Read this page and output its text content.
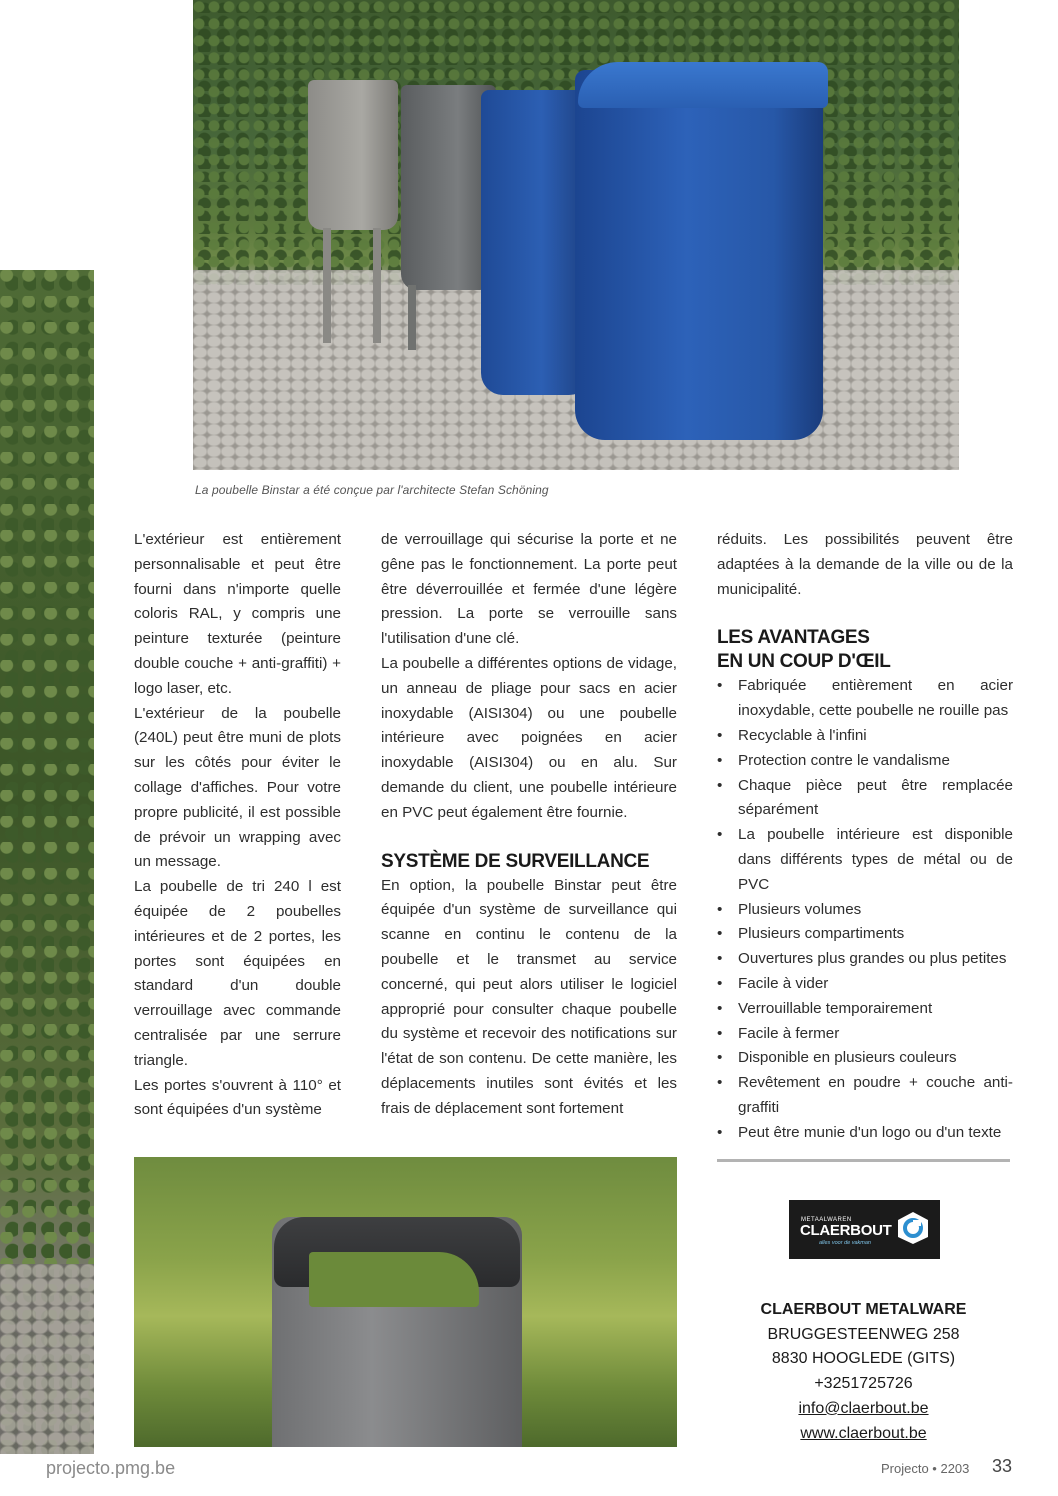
La poubelle Binstar a été conçue par l'architecte Stefan Schöning

L'extérieur est entièrement personnalisable et peut être fourni dans n'importe quelle coloris RAL, y compris une peinture texturée (peinture double couche + anti-graffiti) + logo laser, etc.

L'extérieur de la poubelle (240L) peut être muni de plots sur les côtés pour éviter le collage d'affiches. Pour votre propre publicité, il est possible de prévoir un wrapping avec un message.

La poubelle de tri 240 l est équipée de 2 poubelles intérieures et de 2 portes, les portes sont équipées en standard d'un double verrouillage avec commande centralisée par une serrure triangle.

Les portes s'ouvrent à 110° et sont équipées d'un système

de verrouillage qui sécurise la porte et ne gêne pas le fonctionnement. La porte peut être déverrouillée et fermée d'une légère pression. La porte se verrouille sans l'utilisation d'une clé.

La poubelle a différentes options de vidage, un anneau de pliage pour sacs en acier inoxydable (AISI304) ou une poubelle intérieure avec poignées en acier inoxydable (AISI304) ou en alu. Sur demande du client, une poubelle intérieure en PVC peut également être fournie.

SYSTÈME DE SURVEILLANCE

En option, la poubelle Binstar peut être équipée d'un système de surveillance qui scanne en continu le contenu de la poubelle et le transmet au service concerné, qui peut alors utiliser le logiciel approprié pour consulter chaque poubelle du système et recevoir des notifications sur l'état de son contenu. De cette manière, les déplacements inutiles sont évités et les frais de déplacement sont fortement

réduits. Les possibilités peuvent être adaptées à la demande de la ville ou de la municipalité.

LES AVANTAGES
EN UN COUP D'ŒIL
• Fabriquée entièrement en acier inoxydable, cette poubelle ne rouille pas
• Recyclable à l'infini
• Protection contre le vandalisme
• Chaque pièce peut être remplacée séparément
• La poubelle intérieure est disponible dans différents types de métal ou de PVC
• Plusieurs volumes
• Plusieurs compartiments
• Ouvertures plus grandes ou plus petites
• Facile à vider
• Verrouillable temporairement
• Facile à fermer
• Disponible en plusieurs couleurs
• Revêtement en poudre + couche anti-graffiti
• Peut être munie d'un logo ou d'un texte
METAALWAREN
CLAERBOUT
alles voor de vakman
CLAERBOUT METALWARE
BRUGGESTEENWEG 258
8830 HOOGLEDE (GITS)
+3251725726
info@claerbout.be
www.claerbout.be
projecto.pmg.be	Projecto • 2203 33
